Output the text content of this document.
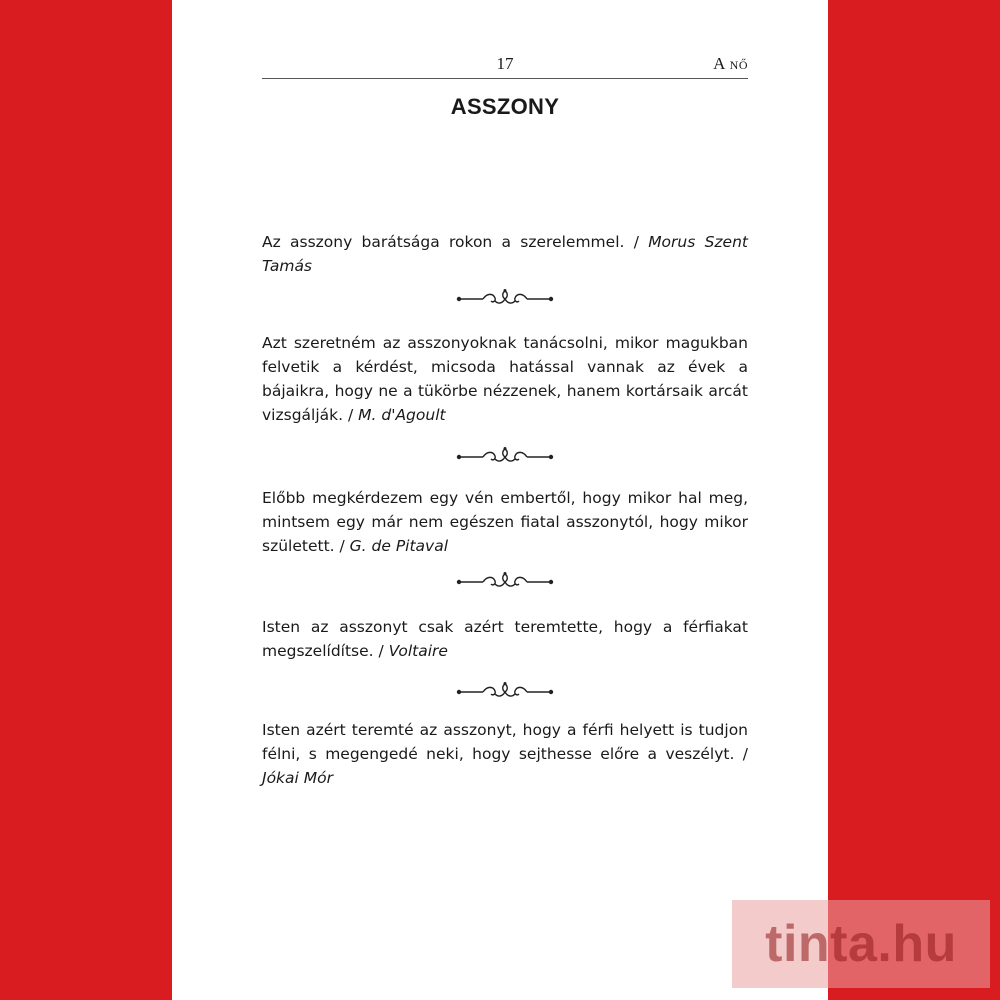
17	A nő
ASSZONY

Az asszony barátsága rokon a szerelemmel. / Morus Szent Tamás

Azt szeretném az asszonyoknak tanácsolni, mikor magukban felvetik a kérdést, micsoda hatással vannak az évek a bájaikra, hogy ne a tükörbe nézzenek, hanem kortársaik arcát vizsgálják. / M. d'Agoult

Előbb megkérdezem egy vén embertől, hogy mikor hal meg, mintsem egy már nem egészen fiatal asszonytól, hogy mikor született. / G. de Pitaval

Isten az asszonyt csak azért teremtette, hogy a férfiakat megszelídítse. / Voltaire

Isten azért teremté az asszonyt, hogy a férfi helyett is tudjon félni, s megengedé neki, hogy sejthesse előre a veszélyt. / Jókai Mór

tinta.hu
